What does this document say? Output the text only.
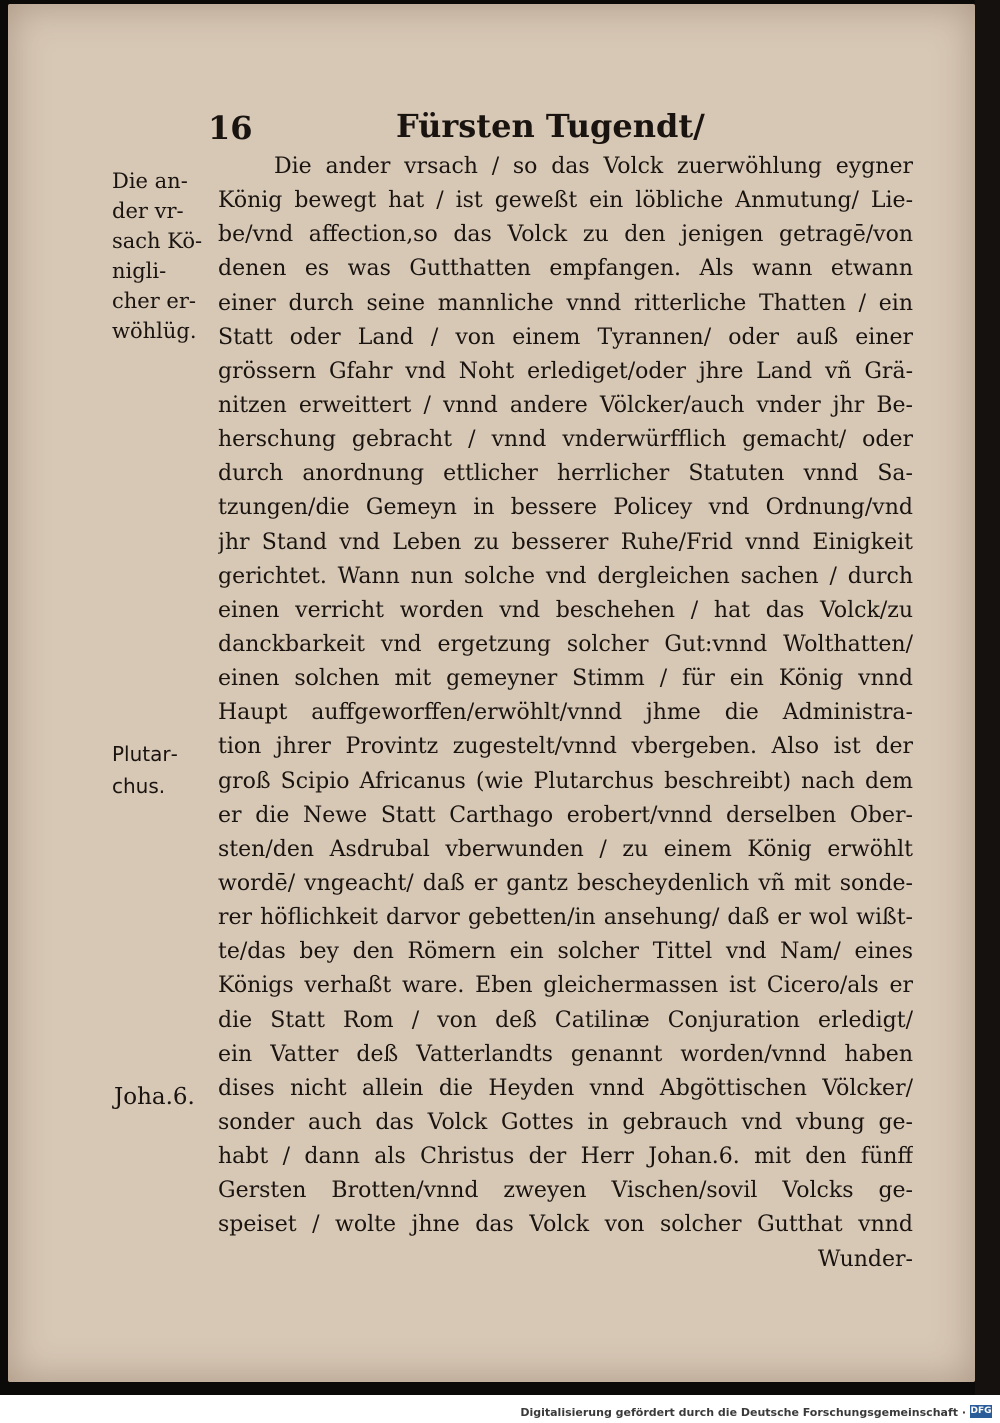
16	Fürsten Tugendt/
Die an‑
der vr‑
sach Kö‑
nigli‑
cher er‑
wöhlüg.
Plutar‑
chus.
Joha.6.
Die ander vrsach / so das Volck zuerwöhlung eygner
König bewegt hat / ist geweßt ein löbliche Anmutung/ Lie‑
be/vnd affection,so das Volck zu den jenigen getragē/von
denen es was Gutthatten empfangen. Als wann etwann
einer durch seine mannliche vnnd ritterliche Thatten / ein
Statt oder Land / von einem Tyrannen/ oder auß einer
grössern Gfahr vnd Noht erlediget/oder jhre Land vñ Grä‑
nitzen erweittert / vnnd andere Völcker/auch vnder jhr Be‑
herschung gebracht / vnnd vnderwürfflich gemacht/ oder
durch anordnung ettlicher herrlicher Statuten vnnd Sa‑
tzungen/die Gemeyn in bessere Policey vnd Ordnung/vnd
jhr Stand vnd Leben zu besserer Ruhe/Frid vnnd Einigkeit
gerichtet. Wann nun solche vnd dergleichen sachen / durch
einen verricht worden vnd beschehen / hat das Volck/zu
danckbarkeit vnd ergetzung solcher Gut:vnnd Wolthatten/
einen solchen mit gemeyner Stimm / für ein König vnnd
Haupt auffgeworffen/erwöhlt/vnnd jhme die Administra‑
tion jhrer Provintz zugestelt/vnnd vbergeben. Also ist der
groß Scipio Africanus (wie Plutarchus beschreibt) nach dem
er die Newe Statt Carthago erobert/vnnd derselben Ober‑
sten/den Asdrubal vberwunden / zu einem König erwöhlt
wordē/ vngeacht/ daß er gantz bescheydenlich vñ mit sonde‑
rer höflichkeit darvor gebetten/in ansehung/ daß er wol wißt‑
te/das bey den Römern ein solcher Tittel vnd Nam/ eines
Königs verhaßt ware. Eben gleichermassen ist Cicero/als er
die Statt Rom / von deß Catilinæ Conjuration erledigt/
ein Vatter deß Vatterlandts genannt worden/vnnd haben
dises nicht allein die Heyden vnnd Abgöttischen Völcker/
sonder auch das Volck Gottes in gebrauch vnd vbung ge‑
habt / dann als Christus der Herr Johan.6. mit den fünff
Gersten Brotten/vnnd zweyen Vischen/sovil Volcks ge‑
speiset / wolte jhne das Volck von solcher Gutthat vnnd
Wunder‑
Digitalisierung gefördert durch die Deutsche Forschungsgemeinschaft · DFG
